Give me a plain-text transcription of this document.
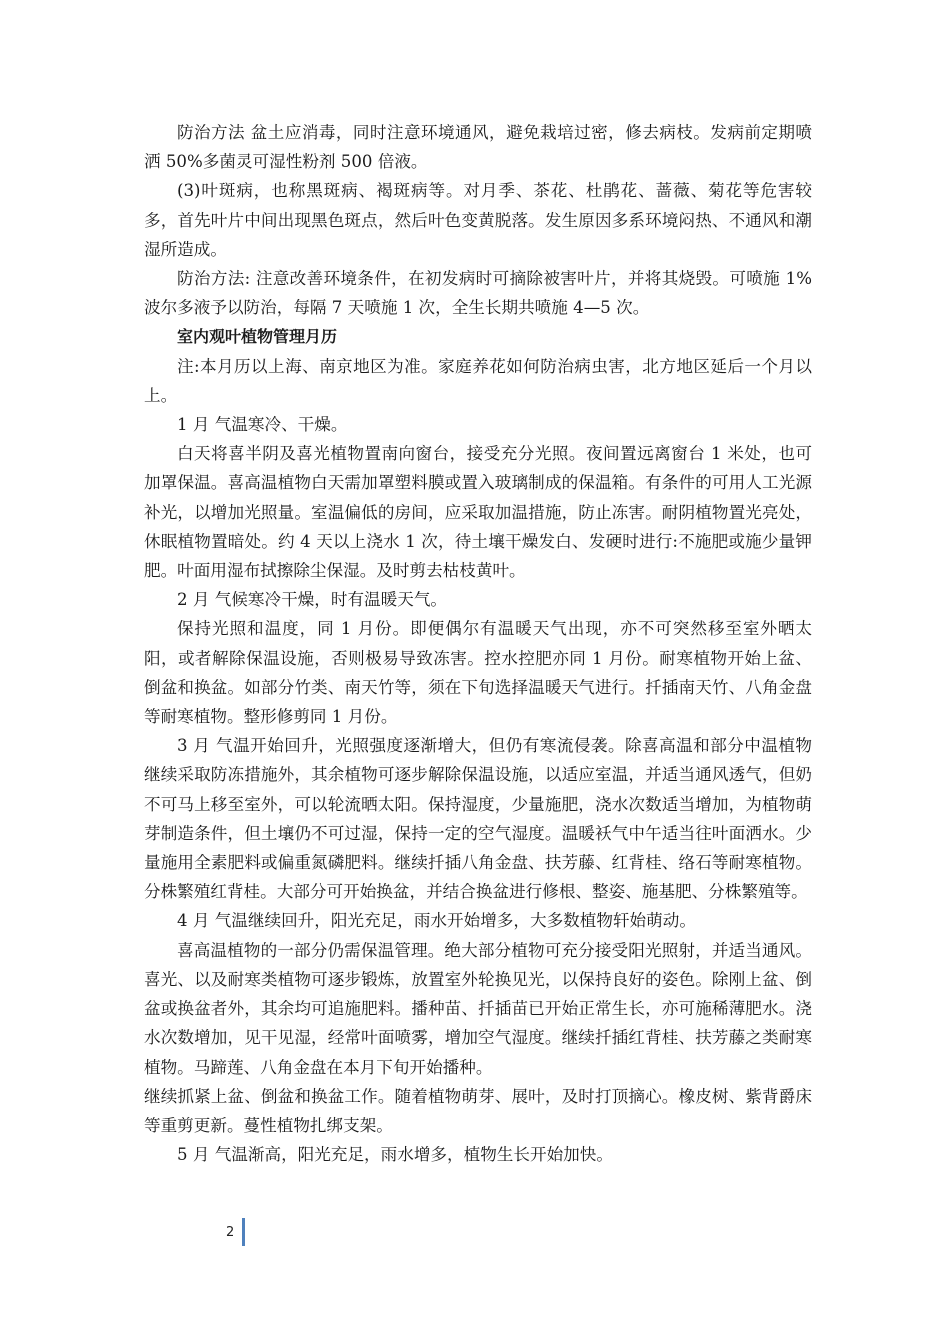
防治方法 盆土应消毒，同时注意环境通风，避免栽培过密，修去病枝。发病前定期喷洒 50%多菌灵可湿性粉剂 500 倍液。

(3)叶斑病，也称黑斑病、褐斑病等。对月季、茶花、杜鹃花、蔷薇、菊花等危害较多，首先叶片中间出现黑色斑点，然后叶色变黄脱落。发生原因多系环境闷热、不通风和潮湿所造成。

防治方法: 注意改善环境条件，在初发病时可摘除被害叶片，并将其烧毁。可喷施 1%波尔多液予以防治，每隔 7 天喷施 1 次，全生长期共喷施 4—5 次。

室内观叶植物管理月历

注:本月历以上海、南京地区为准。家庭养花如何防治病虫害，北方地区延后一个月以上。

1 月 气温寒冷、干燥。

白天将喜半阴及喜光植物置南向窗台，接受充分光照。夜间置远离窗台 1 米处，也可加罩保温。喜高温植物白天需加罩塑料膜或置入玻璃制成的保温箱。有条件的可用人工光源补光，以增加光照量。室温偏低的房间，应采取加温措施，防止冻害。耐阴植物置光亮处，休眠植物置暗处。约 4 天以上浇水 1 次，待土壤干燥发白、发硬时进行:不施肥或施少量钾肥。叶面用湿布拭擦除尘保湿。及时剪去枯枝黄叶。

2 月 气候寒冷干燥，时有温暖天气。

保持光照和温度，同 1 月份。即便偶尔有温暖天气出现，亦不可突然移至室外晒太阳，或者解除保温设施，否则极易导致冻害。控水控肥亦同 1 月份。耐寒植物开始上盆、倒盆和换盆。如部分竹类、南天竹等，须在下旬选择温暖天气进行。扦插南天竹、八角金盘等耐寒植物。整形修剪同 1 月份。

3 月 气温开始回升，光照强度逐渐增大，但仍有寒流侵袭。除喜高温和部分中温植物继续采取防冻措施外，其余植物可逐步解除保温设施，以适应室温，并适当通风透气，但奶不可马上移至室外，可以轮流晒太阳。保持湿度，少量施肥，浇水次数适当增加，为植物萌芽制造条件，但土壤仍不可过湿，保持一定的空气湿度。温暖袄气中午适当往叶面洒水。少量施用全素肥料或偏重氮磷肥料。继续扦插八角金盘、扶芳藤、红背桂、络石等耐寒植物。分株繁殖红背桂。大部分可开始换盆，并结合换盆进行修根、整姿、施基肥、分株繁殖等。

4 月 气温继续回升，阳光充足，雨水开始增多，大多数植物轩始萌动。

喜高温植物的一部分仍需保温管理。绝大部分植物可充分接受阳光照射，并适当通风。喜光、以及耐寒类植物可逐步锻炼，放置室外轮换见光，以保持良好的姿色。除刚上盆、倒盆或换盆者外，其余均可追施肥料。播种苗、扦插苗已开始正常生长，亦可施稀薄肥水。浇水次数增加，见干见湿，经常叶面喷雾，增加空气湿度。继续扦插红背桂、扶芳藤之类耐寒植物。马蹄莲、八角金盘在本月下旬开始播种。

继续抓紧上盆、倒盆和换盆工作。随着植物萌芽、展叶，及时打顶摘心。橡皮树、紫背爵床等重剪更新。蔓性植物扎绑支架。

5 月 气温渐高，阳光充足，雨水增多，植物生长开始加快。

2
